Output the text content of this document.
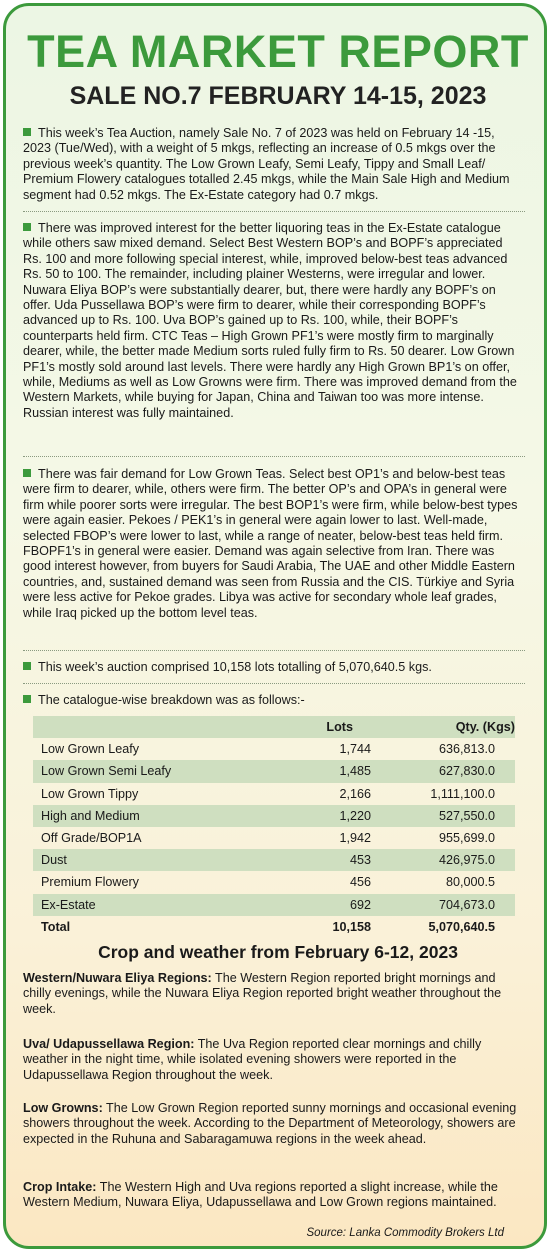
TEA MARKET REPORT
SALE NO.7 FEBRUARY 14-15, 2023

This week’s Tea Auction, namely Sale No. 7 of 2023 was held on February 14 -15, 2023 (Tue/Wed), with a weight of 5 mkgs, reflecting an increase of 0.5 mkgs over the previous week’s quantity. The Low Grown Leafy, Semi Leafy, Tippy and Small Leaf/ Premium Flowery catalogues totalled 2.45 mkgs, while the Main Sale High and Medium segment had 0.52 mkgs. The Ex-Estate category had 0.7 mkgs.

There was improved interest for the better liquoring teas in the Ex-Estate catalogue while others saw mixed demand. Select Best Western BOP’s and BOPF’s appreciated Rs. 100 and more following special interest, while, improved below-best teas advanced Rs. 50 to 100. The remainder, including plainer Westerns, were irregular and lower. Nuwara Eliya BOP’s were substantially dearer, but, there were hardly any BOPF’s on offer. Uda Pussellawa BOP’s were firm to dearer, while their corresponding BOPF’s advanced up to Rs. 100. Uva BOP’s gained up to Rs. 100, while, their BOPF’s counterparts held firm. CTC Teas – High Grown PF1’s were mostly firm to marginally dearer, while, the better made Medium sorts ruled fully firm to Rs. 50 dearer. Low Grown PF1’s mostly sold around last levels. There were hardly any High Grown BP1’s on offer, while, Mediums as well as Low Growns were firm. There was improved demand from the Western Markets, while buying for Japan, China and Taiwan too was more intense. Russian interest was fully maintained.

There was fair demand for Low Grown Teas. Select best OP1’s and below-best teas were firm to dearer, while, others were firm. The better OP’s and OPA’s in general were firm while poorer sorts were irregular. The best BOP1’s were firm, while below-best types were again easier. Pekoes / PEK1’s in general were again lower to last. Well-made, selected FBOP’s were lower to last, while a range of neater, below-best teas held firm. FBOPF1’s in general were easier. Demand was again selective from Iran. There was good interest however, from buyers for Saudi Arabia, The UAE and other Middle Eastern countries, and, sustained demand was seen from Russia and the CIS. Türkiye and Syria were less active for Pekoe grades. Libya was active for secondary whole leaf grades, while Iraq picked up the bottom level teas.

This week’s auction comprised 10,158 lots totalling of 5,070,640.5 kgs.

The catalogue-wise breakdown was as follows:-

	Lots	Qty. (Kgs)
Low Grown Leafy	1,744	636,813.0
Low Grown Semi Leafy	1,485	627,830.0
Low Grown Tippy	2,166	1,111,100.0
High and Medium	1,220	527,550.0
Off Grade/BOP1A	1,942	955,699.0
Dust	453	426,975.0
Premium Flowery	456	80,000.5
Ex-Estate	692	704,673.0
Total	10,158	5,070,640.5
Crop and weather from February 6-12, 2023

Western/Nuwara Eliya Regions: The Western Region reported bright mornings and chilly evenings, while the Nuwara Eliya Region reported bright weather throughout the week.

Uva/ Udapussellawa Region: The Uva Region reported clear mornings and chilly weather in the night time, while isolated evening showers were reported in the Udapussellawa Region throughout the week.

Low Growns: The Low Grown Region reported sunny mornings and occasional evening showers throughout the week. According to the Department of Meteorology, showers are expected in the Ruhuna and Sabaragamuwa regions in the week ahead.

Crop Intake: The Western High and Uva regions reported a slight increase, while the Western Medium, Nuwara Eliya, Udapussellawa and Low Grown regions maintained.

Source: Lanka Commodity Brokers Ltd
